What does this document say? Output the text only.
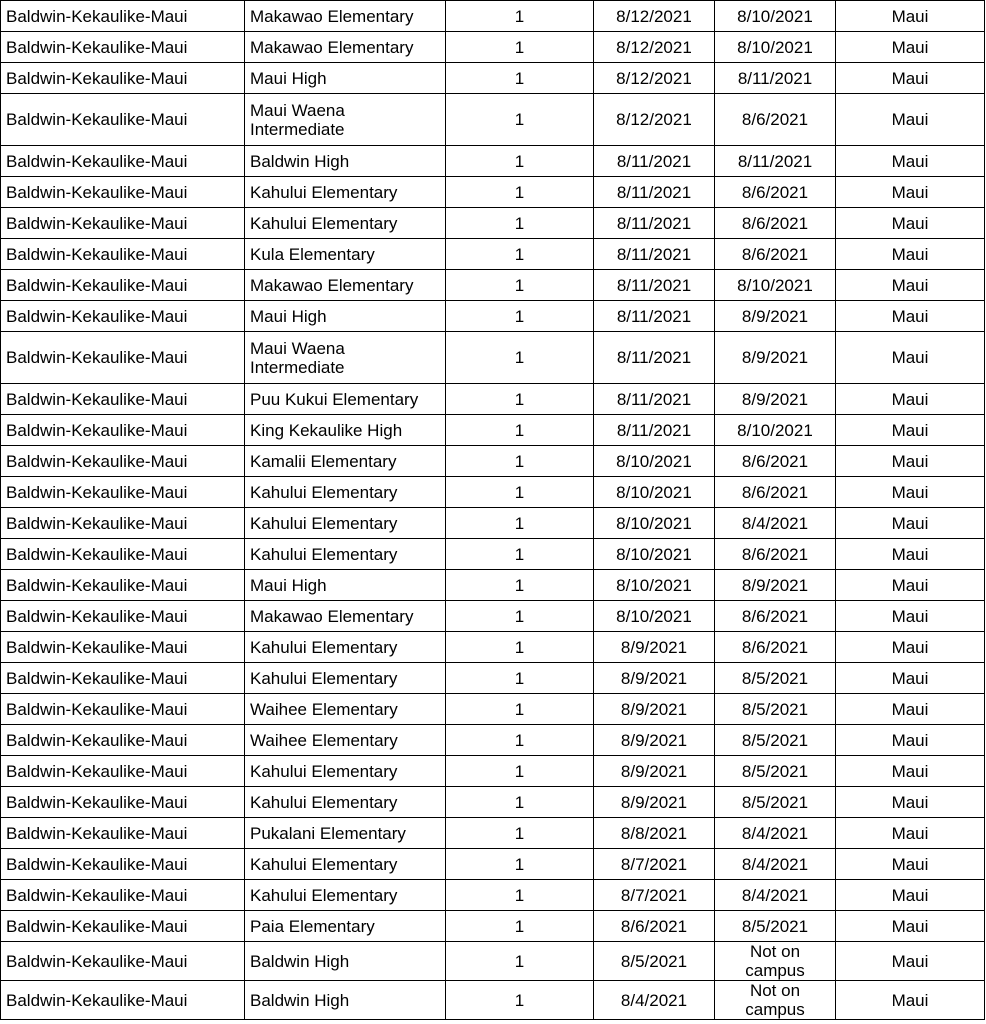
Baldwin-Kekaulike-Maui	Makawao Elementary	1	8/12/2021	8/10/2021	Maui
Baldwin-Kekaulike-Maui	Makawao Elementary	1	8/12/2021	8/10/2021	Maui
Baldwin-Kekaulike-Maui	Maui High	1	8/12/2021	8/11/2021	Maui
Baldwin-Kekaulike-Maui	Maui Waena Intermediate	1	8/12/2021	8/6/2021	Maui
Baldwin-Kekaulike-Maui	Baldwin High	1	8/11/2021	8/11/2021	Maui
Baldwin-Kekaulike-Maui	Kahului Elementary	1	8/11/2021	8/6/2021	Maui
Baldwin-Kekaulike-Maui	Kahului Elementary	1	8/11/2021	8/6/2021	Maui
Baldwin-Kekaulike-Maui	Kula Elementary	1	8/11/2021	8/6/2021	Maui
Baldwin-Kekaulike-Maui	Makawao Elementary	1	8/11/2021	8/10/2021	Maui
Baldwin-Kekaulike-Maui	Maui High	1	8/11/2021	8/9/2021	Maui
Baldwin-Kekaulike-Maui	Maui Waena Intermediate	1	8/11/2021	8/9/2021	Maui
Baldwin-Kekaulike-Maui	Puu Kukui Elementary	1	8/11/2021	8/9/2021	Maui
Baldwin-Kekaulike-Maui	King Kekaulike High	1	8/11/2021	8/10/2021	Maui
Baldwin-Kekaulike-Maui	Kamalii Elementary	1	8/10/2021	8/6/2021	Maui
Baldwin-Kekaulike-Maui	Kahului Elementary	1	8/10/2021	8/6/2021	Maui
Baldwin-Kekaulike-Maui	Kahului Elementary	1	8/10/2021	8/4/2021	Maui
Baldwin-Kekaulike-Maui	Kahului Elementary	1	8/10/2021	8/6/2021	Maui
Baldwin-Kekaulike-Maui	Maui High	1	8/10/2021	8/9/2021	Maui
Baldwin-Kekaulike-Maui	Makawao Elementary	1	8/10/2021	8/6/2021	Maui
Baldwin-Kekaulike-Maui	Kahului Elementary	1	8/9/2021	8/6/2021	Maui
Baldwin-Kekaulike-Maui	Kahului Elementary	1	8/9/2021	8/5/2021	Maui
Baldwin-Kekaulike-Maui	Waihee Elementary	1	8/9/2021	8/5/2021	Maui
Baldwin-Kekaulike-Maui	Waihee Elementary	1	8/9/2021	8/5/2021	Maui
Baldwin-Kekaulike-Maui	Kahului Elementary	1	8/9/2021	8/5/2021	Maui
Baldwin-Kekaulike-Maui	Kahului Elementary	1	8/9/2021	8/5/2021	Maui
Baldwin-Kekaulike-Maui	Pukalani Elementary	1	8/8/2021	8/4/2021	Maui
Baldwin-Kekaulike-Maui	Kahului Elementary	1	8/7/2021	8/4/2021	Maui
Baldwin-Kekaulike-Maui	Kahului Elementary	1	8/7/2021	8/4/2021	Maui
Baldwin-Kekaulike-Maui	Paia Elementary	1	8/6/2021	8/5/2021	Maui
Baldwin-Kekaulike-Maui	Baldwin High	1	8/5/2021	Not on campus	Maui
Baldwin-Kekaulike-Maui	Baldwin High	1	8/4/2021	Not on campus	Maui
